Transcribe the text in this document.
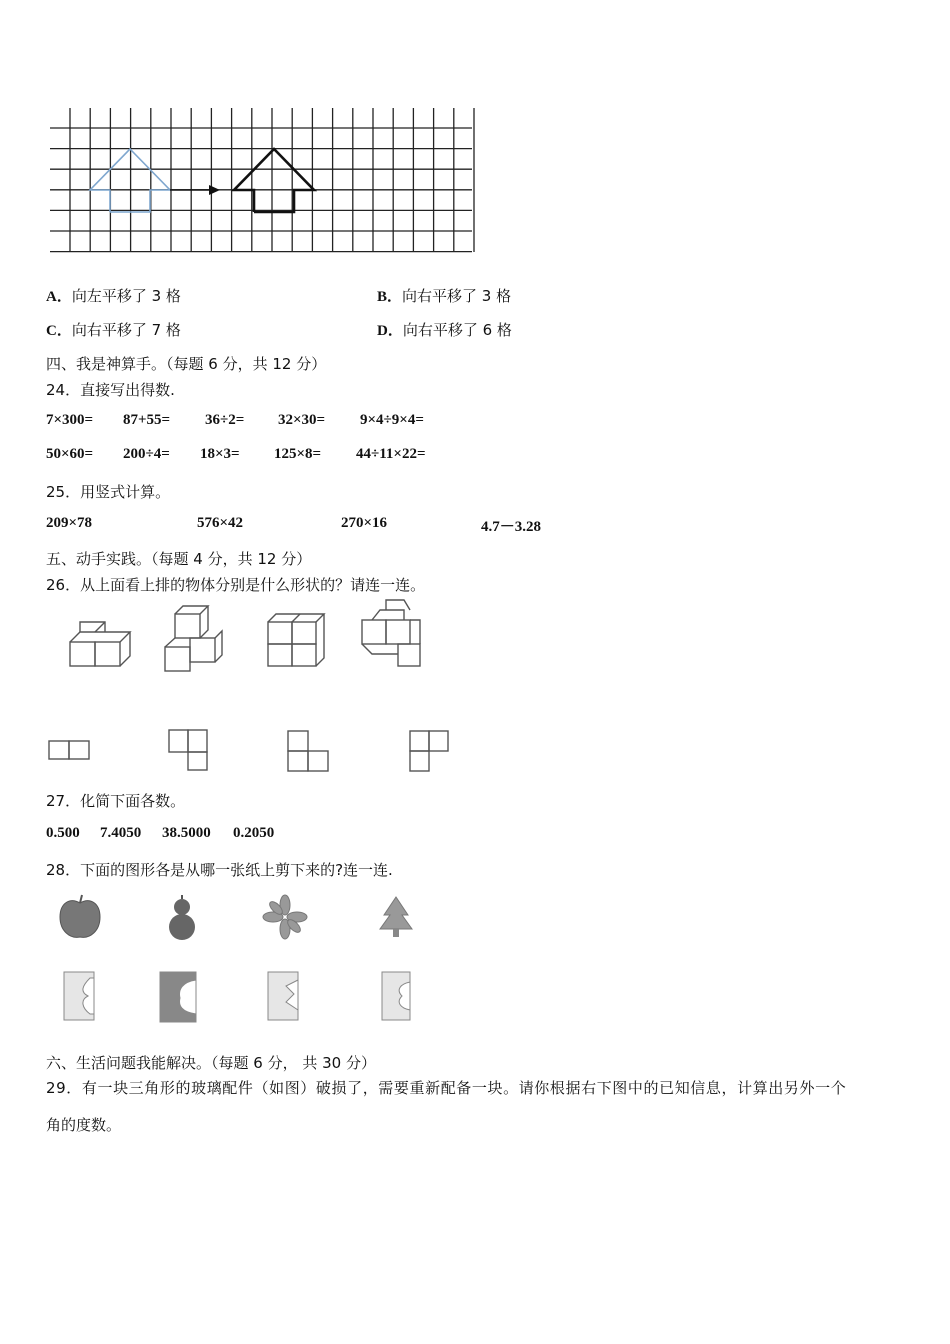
A．向左平移了 3 格	B．向右平移了 3 格
C．向右平移了 7 格	D．向右平移了 6 格
四、我是神算手。（每题 6 分，共 12 分）
24．直接写出得数.
7×300= 87+55= 36÷2= 32×30= 9×4÷9×4=
50×60= 200÷4= 18×3= 125×8= 44÷11×22=
25．用竖式计算。
209×78	576×42	270×16	4.7－3.28
五、动手实践。（每题 4 分，共 12 分）
26．从上面看上排的物体分别是什么形状的？请连一连。
27．化简下面各数。
0.500 7.4050 38.5000 0.2050
28．下面的图形各是从哪一张纸上剪下来的?连一连.
六、生活问题我能解决。（每题 6 分， 共 30 分）
29．有一块三角形的玻璃配件（如图）破损了，需要重新配备一块。请你根据右下图中的已知信息，计算出另外一个
角的度数。
